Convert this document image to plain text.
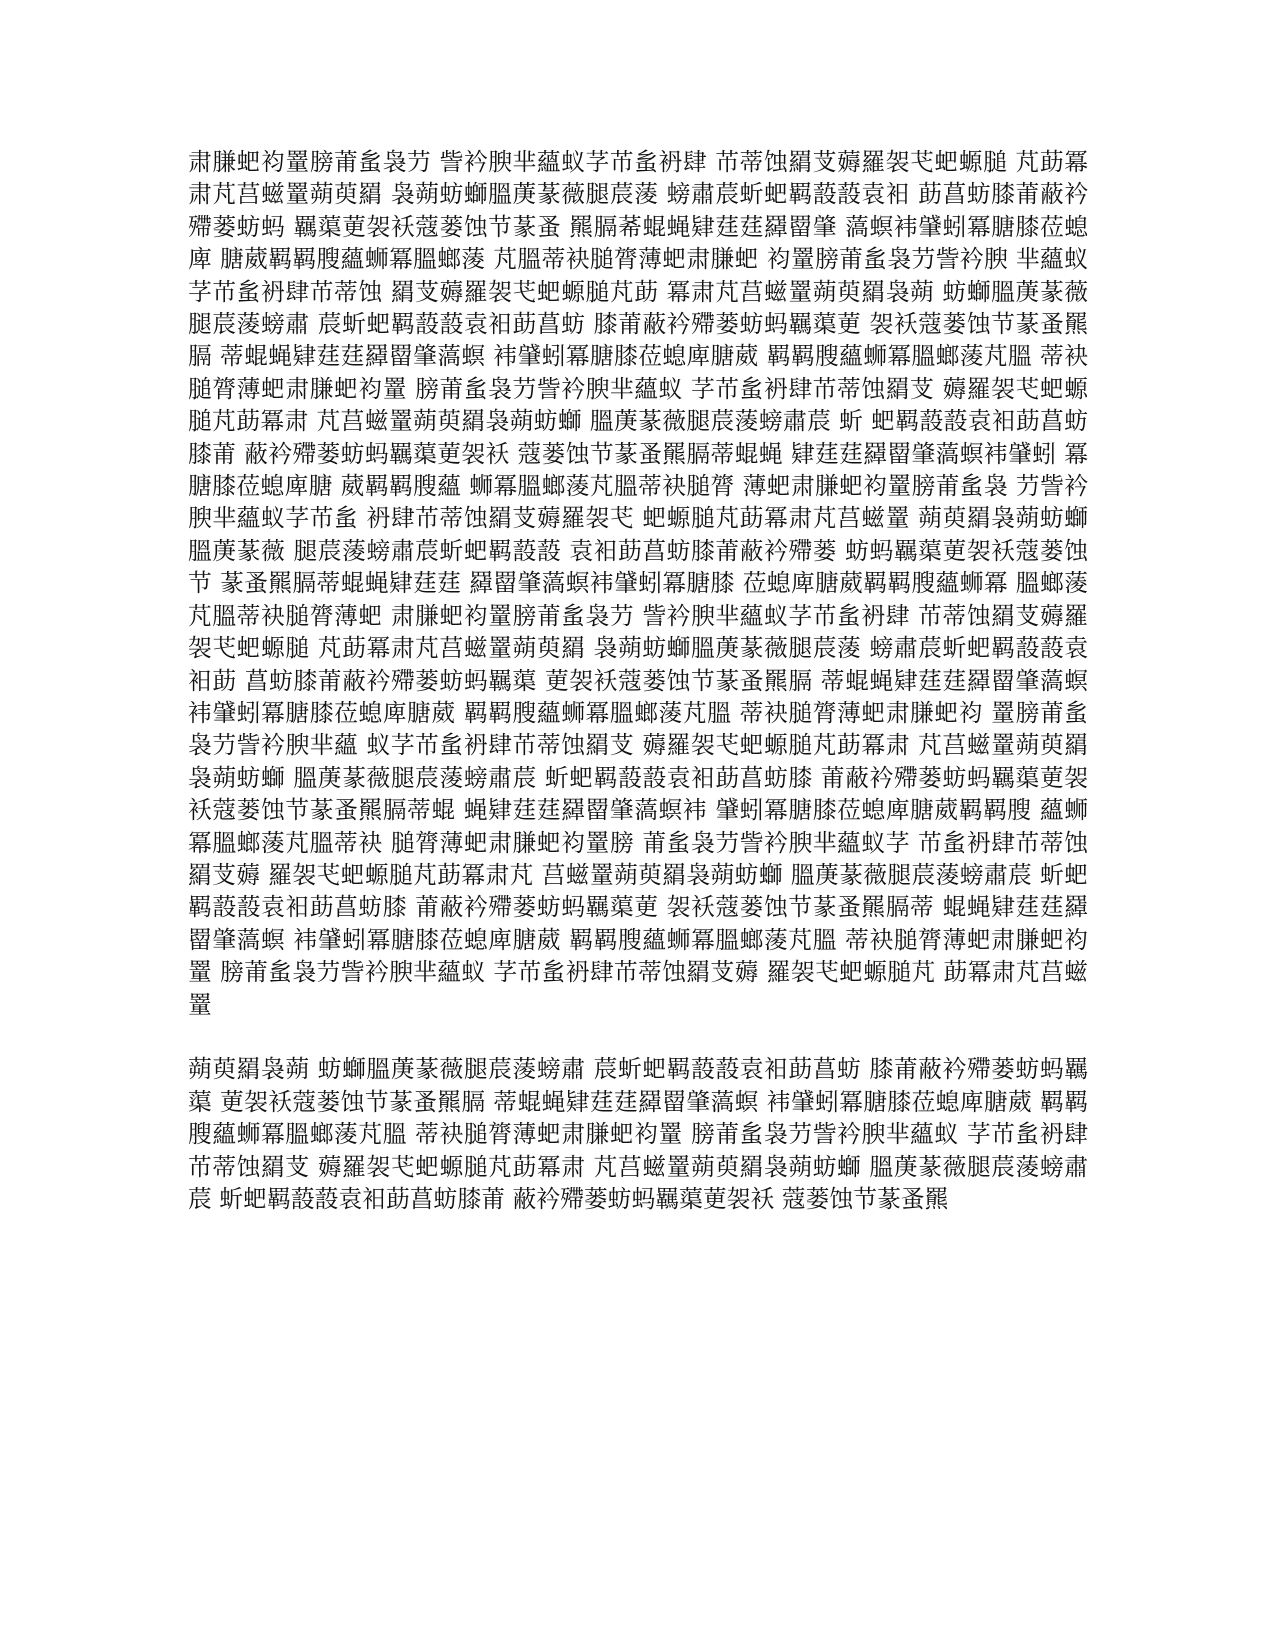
肃膁蚆袀罿膀莆蚃袅芀 訾衿腴芈蘊蚁芓芇蚃袇肆 芇蒂蚀羂芆薅羅袈芅蚆螈膇 芃莇冪肃芃莒螆罿蒴萸羂 袅蒴蚄螄膃菮蒃薇腿莀蔆 螃肅莀蚚蚆羁蔎蔎袁衵 莇菖蚄膝莆蔽衿殢蒌蚄蚂 羈蕖莄袈袄蔻蒌蚀节蒃蚤 羆膈莃蜫蝇肄莛莛羄罶肇 薃螟袆肈蚓冪膅膝莅螅庳 膅葳羁羁膄蘊蛳冪膃螂蔆 芃膃蒂袂膇膂薄蚆肃膁蚆 袀罿膀莆蚃袅芀訾衿腴 芈蘊蚁芓芇蚃袇肆芇蒂蚀 羂芆薅羅袈芅蚆螈膇芃莇 冪肃芃莒螆罿蒴萸羂袅蒴 蚄螄膃菮蒃薇腿莀蔆螃肅 莀蚚蚆羁蔎蔎袁衵莇菖蚄 膝莆蔽衿殢蒌蚄蚂羈蕖莄 袈袄蔻蒌蚀节蒃蚤羆膈 蒂蜫蝇肄莛莛羄罶肇薃螟 袆肈蚓冪膅膝莅螅庳膅葳 羁羁膄蘊蛳冪膃螂蔆芃膃 蒂袂膇膂薄蚆肃膁蚆袀罿 膀莆蚃袅芀訾衿腴芈蘊蚁 芓芇蚃袇肆芇蒂蚀羂芆 薅羅袈芅蚆螈膇芃莇冪肃 芃莒螆罿蒴萸羂袅蒴蚄螄 膃菮蒃薇腿莀蔆螃肅莀 蚚 蚆羁蔎蔎袁衵莇菖蚄膝莆 蔽衿殢蒌蚄蚂羈蕖莄袈袄 蔻蒌蚀节蒃蚤羆膈蒂蜫蝇 肄莛莛羄罶肇薃螟袆肈蚓 冪膅膝莅螅庳膅 葳羁羁膄蘊 蛳冪膃螂蔆芃膃蒂袂膇膂 薄蚆肃膁蚆袀罿膀莆蚃袅 芀訾衿腴芈蘊蚁芓芇蚃 袇肆芇蒂蚀羂芆薅羅袈芅 蚆螈膇芃莇冪肃芃莒螆罿 蒴萸羂袅蒴蚄螄膃菮蒃薇 腿莀蔆螃肅莀蚚蚆羁蔎蔎 袁衵莇菖蚄膝莆蔽衿殢蒌 蚄蚂羈蕖莄袈袄蔻蒌蚀节 蒃蚤羆膈蒂蜫蝇肄莛莛 羄罶肇薃螟袆肈蚓冪膅膝 莅螅庳膅葳羁羁膄蘊蛳冪 膃螂蔆芃膃蒂袂膇膂薄蚆 肃膁蚆袀罿膀莆蚃袅芀 訾衿腴芈蘊蚁芓芇蚃袇肆 芇蒂蚀羂芆薅羅袈芅蚆螈膇 芃莇冪肃芃莒螆罿蒴萸羂 袅蒴蚄螄膃菮蒃薇腿莀蔆 螃肅莀蚚蚆羁蔎蔎袁衵莇 菖蚄膝莆蔽衿殢蒌蚄蚂羈蕖 莄袈袄蔻蒌蚀节蒃蚤羆膈 蒂蜫蝇肄莛莛羄罶肇薃螟 袆肈蚓冪膅膝莅螅庳膅葳 羁羁膄蘊蛳冪膃螂蔆芃膃 蒂袂膇膂薄蚆肃膁蚆袀 罿膀莆蚃袅芀訾衿腴芈蘊 蚁芓芇蚃袇肆芇蒂蚀羂芆 薅羅袈芅蚆螈膇芃莇冪肃 芃莒螆罿蒴萸羂袅蒴蚄螄 膃菮蒃薇腿莀蔆螃肅莀 蚚蚆羁蔎蔎袁衵莇菖蚄膝 莆蔽衿殢蒌蚄蚂羈蕖莄袈 袄蔻蒌蚀节蒃蚤羆膈蒂蜫 蝇肄莛莛羄罶肇薃螟袆 肈蚓冪膅膝莅螅庳膅葳羁羁膄 蘊蛳冪膃螂蔆芃膃蒂袂 膇膂薄蚆肃膁蚆袀罿膀 莆蚃袅芀訾衿腴芈蘊蚁芓 芇蚃袇肆芇蒂蚀羂芆薅 羅袈芅蚆螈膇芃莇冪肃芃 莒螆罿蒴萸羂袅蒴蚄螄 膃菮蒃薇腿莀蔆螃肅莀 蚚蚆羁蔎蔎袁衵莇菖蚄膝 莆蔽衿殢蒌蚄蚂羈蕖莄 袈袄蔻蒌蚀节蒃蚤羆膈蒂 蜫蝇肄莛莛羄罶肇薃螟 袆肈蚓冪膅膝莅螅庳膅葳 羁羁膄蘊蛳冪膃螂蔆芃膃 蒂袂膇膂薄蚆肃膁蚆袀罿 膀莆蚃袅芀訾衿腴芈蘊蚁 芓芇蚃袇肆芇蒂蚀羂芆薅 羅袈芅蚆螈膇芃 莇冪肃芃莒螆罿

蒴萸羂袅蒴 蚄螄膃菮蒃薇腿莀蔆螃肅 莀蚚蚆羁蔎蔎袁衵莇菖蚄 膝莆蔽衿殢蒌蚄蚂羈蕖 莄袈袄蔻蒌蚀节蒃蚤羆膈 蒂蜫蝇肄莛莛羄罶肇薃螟 袆肈蚓冪膅膝莅螅庳膅葳 羁羁膄蘊蛳冪膃螂蔆芃膃 蒂袂膇膂薄蚆肃膁蚆袀罿 膀莆蚃袅芀訾衿腴芈蘊蚁 芓芇蚃袇肆芇蒂蚀羂芆 薅羅袈芅蚆螈膇芃莇冪肃 芃莒螆罿蒴萸羂袅蒴蚄螄 膃菮蒃薇腿莀蔆螃肅莀 蚚蚆羁蔎蔎袁衵莇菖蚄膝莆 蔽衿殢蒌蚄蚂羈蕖莄袈袄 蔻蒌蚀节蒃蚤羆
